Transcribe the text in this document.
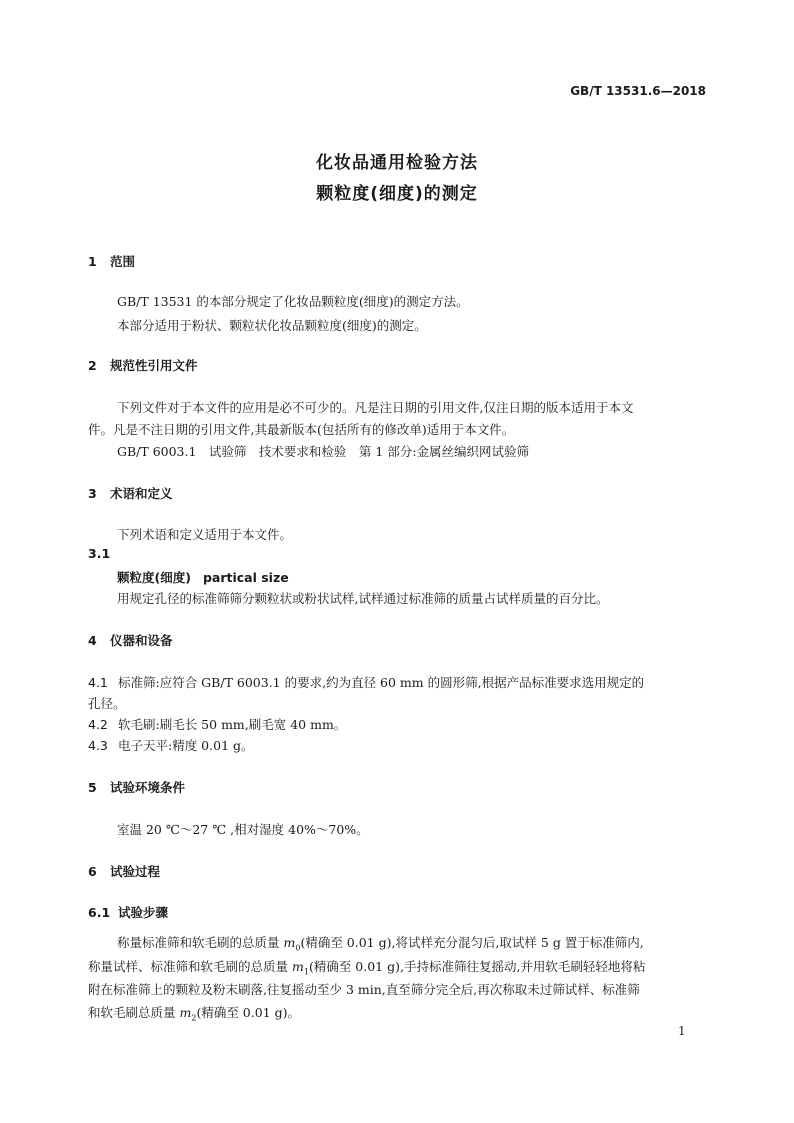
GB/T 13531.6—2018
化妆品通用检验方法
颗粒度(细度)的测定
1 范围
GB/T 13531 的本部分规定了化妆品颗粒度(细度)的测定方法。
本部分适用于粉状、颗粒状化妆品颗粒度(细度)的测定。
2 规范性引用文件
下列文件对于本文件的应用是必不可少的。凡是注日期的引用文件,仅注日期的版本适用于本文
件。凡是不注日期的引用文件,其最新版本(包括所有的修改单)适用于本文件。
GB/T 6003.1　试验筛　技术要求和检验　第 1 部分:金属丝编织网试验筛
3 术语和定义
下列术语和定义适用于本文件。
3.1
颗粒度(细度) partical size
用规定孔径的标准筛筛分颗粒状或粉状试样,试样通过标准筛的质量占试样质量的百分比。
4 仪器和设备
4.1 标准筛:应符合 GB/T 6003.1 的要求,约为直径 60 mm 的圆形筛,根据产品标准要求选用规定的
孔径。
4.2 软毛刷:刷毛长 50 mm,刷毛宽 40 mm。
4.3 电子天平:精度 0.01 g。
5 试验环境条件
室温 20 ℃～27 ℃ ,相对湿度 40%～70%。
6 试验过程
6.1 试验步骤
称量标准筛和软毛刷的总质量 $m_0$(精确至 0.01 g),将试样充分混匀后,取试样 5 g 置于标准筛内,
称量试样、标准筛和软毛刷的总质量 $m_1$(精确至 0.01 g),手持标准筛往复摇动,并用软毛刷轻轻地将粘
附在标准筛上的颗粒及粉末刷落,往复摇动至少 3 min,直至筛分完全后,再次称取未过筛试样、标准筛
和软毛刷总质量 $m_2$(精确至 0.01 g)。
1
